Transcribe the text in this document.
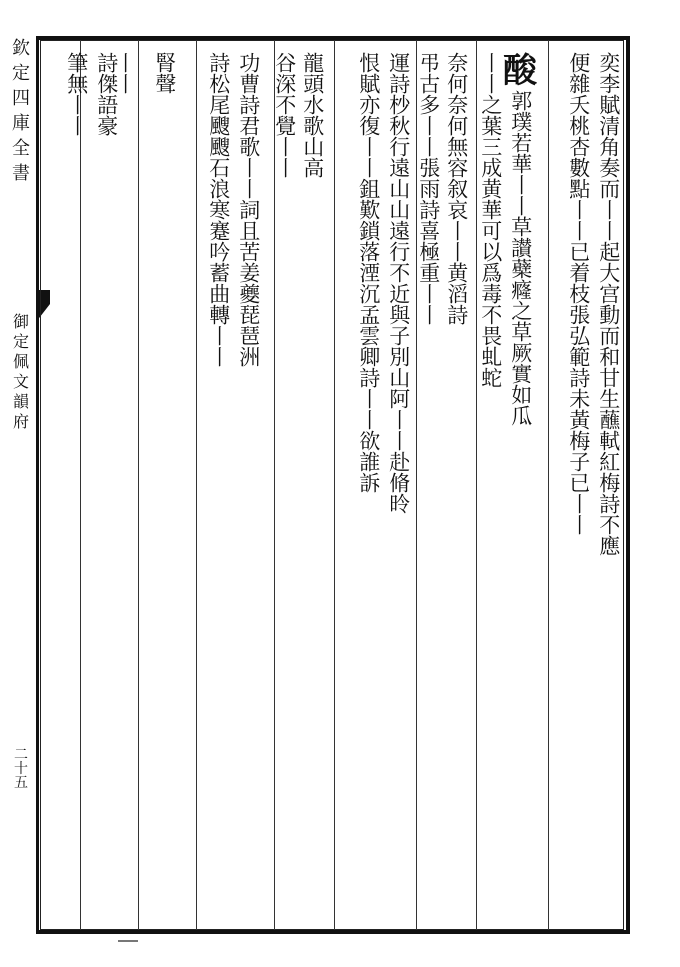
欽
定
四
庫
全
書
御
定
佩
文
韻
府
二
十
五
奕李賦清角奏而丨丨起大宫動而和甘生蘸軾紅梅詩不應
便雜夭桃杏數點丨丨已着枝張弘範詩未黃梅子已丨丨
酸
郭璞若華丨丨草讃蘗癃之草厥實如瓜
丨丨之葉三成黄華可以爲毒不畏虬蛇
奈何奈何無容叙哀丨丨黄滔詩
弔古多丨丨張雨詩喜極重丨丨
運詩杪秋行遠山山遠行不近與子別山阿丨丨赴脩昤
恨賦亦復丨丨鉏歎鎖落湮沉孟雲卿詩丨丨欲誰訴
龍頭水歌山高
谷深不覺丨丨
功曹詩君歌丨丨詞且苦姜夔琵琶洲
詩松尾颼颼石浪寒蹇吟蓄曲轉丨丨
腎聲
丨丨
詩傑語豪
筆無丨丨
